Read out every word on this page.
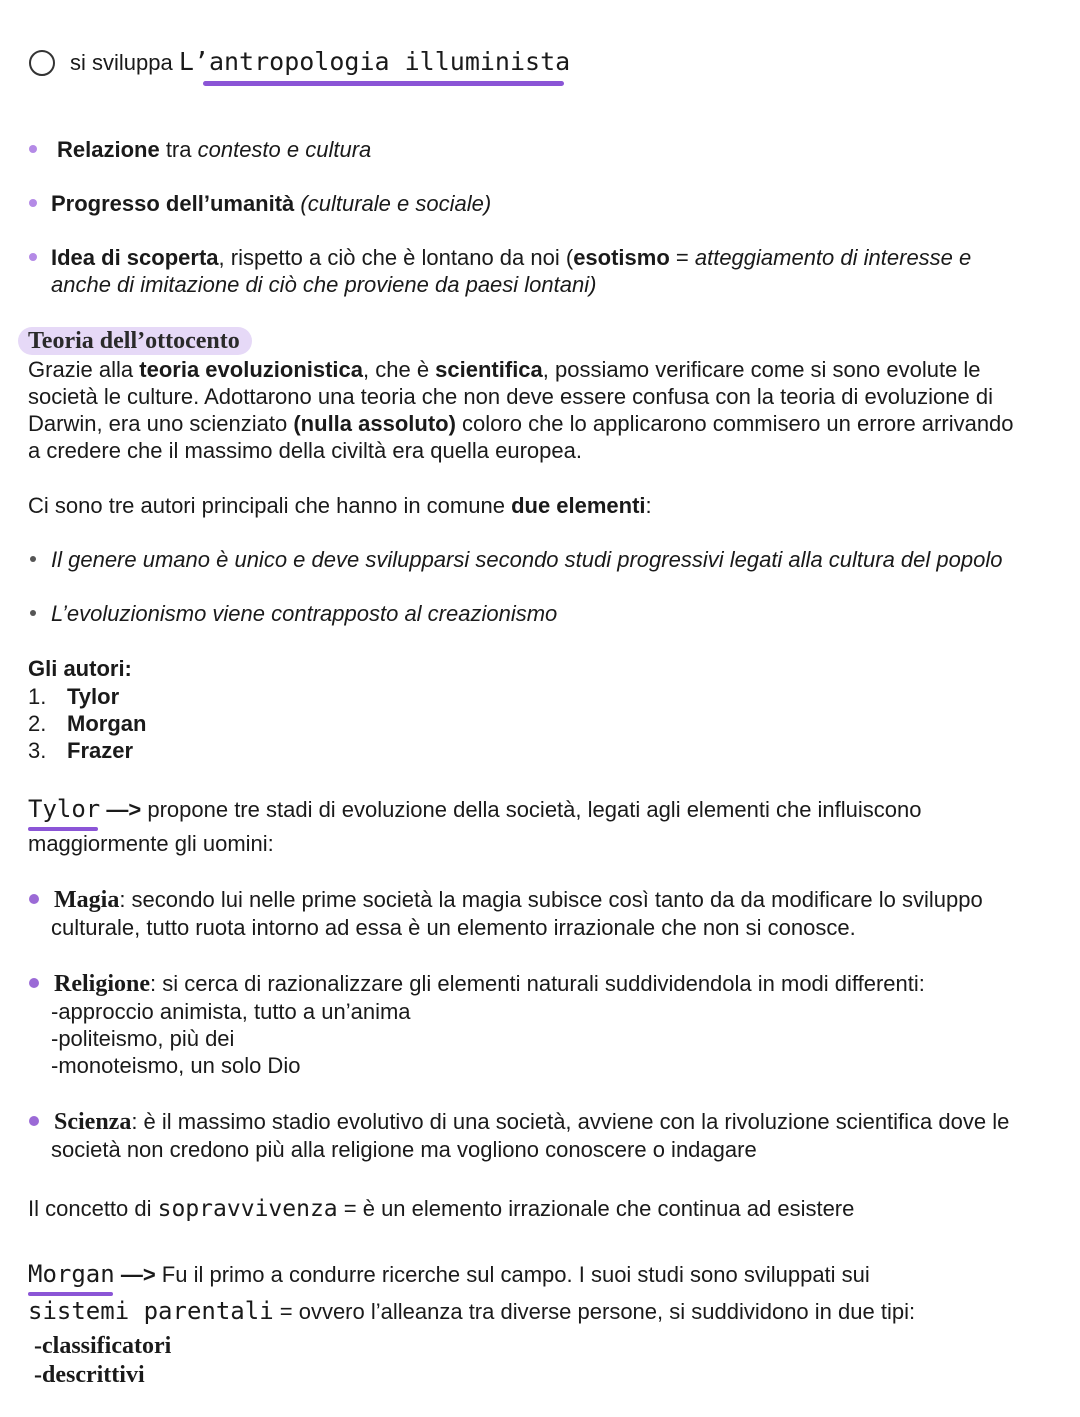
si sviluppa L’antropologia illuminista
Relazione tra contesto e cultura
Progresso dell’umanità (culturale e sociale)
Idea di scoperta, rispetto a ciò che è lontano da noi (esotismo = atteggiamento di interesse e
anche di imitazione di ciò che proviene da paesi lontani)
Teoria dell’ottocento
Grazie alla teoria evoluzionistica, che è scientifica, possiamo verificare come si sono evolute le
società le culture. Adottarono una teoria che non deve essere confusa con la teoria di evoluzione di
Darwin, era uno scienziato (nulla assoluto) coloro che lo applicarono commisero un errore arrivando
a credere che il massimo della civiltà era quella europea.
Ci sono tre autori principali che hanno in comune due elementi:
Il genere umano è unico e deve svilupparsi secondo studi progressivi legati alla cultura del popolo
L’evoluzionismo viene contrapposto al creazionismo
Gli autori:
1. Tylor
2. Morgan
3. Frazer
Tylor —> propone tre stadi di evoluzione della società, legati agli elementi che influiscono
maggiormente gli uomini:
Magia: secondo lui nelle prime società la magia subisce così tanto da da modificare lo sviluppo
culturale, tutto ruota intorno ad essa è un elemento irrazionale che non si conosce.
Religione: si cerca di razionalizzare gli elementi naturali suddividendola in modi differenti:
-approccio animista, tutto a un’anima
-politeismo, più dei
-monoteismo, un solo Dio
Scienza: è il massimo stadio evolutivo di una società, avviene con la rivoluzione scientifica dove le
società non credono più alla religione ma vogliono conoscere o indagare
Il concetto di sopravvivenza = è un elemento irrazionale che continua ad esistere
Morgan —> Fu il primo a condurre ricerche sul campo. I suoi studi sono sviluppati sui
sistemi parentali = ovvero l’alleanza tra diverse persone, si suddividono in due tipi:
-classificatori
-descrittivi
